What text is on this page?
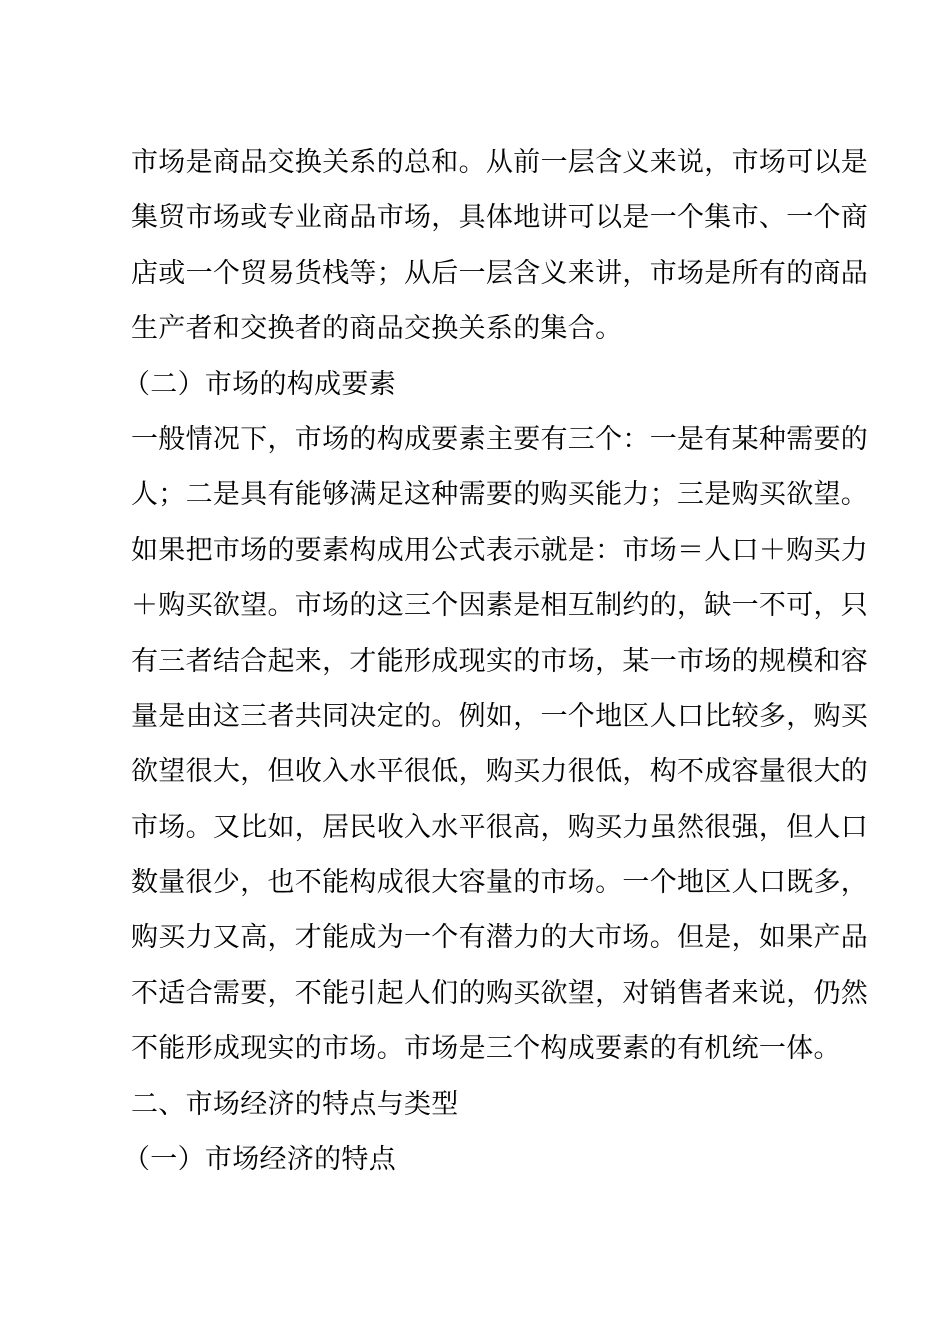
市场是商品交换关系的总和。从前一层含义来说，市场可以是
集贸市场或专业商品市场，具体地讲可以是一个集市、一个商
店或一个贸易货栈等；从后一层含义来讲，市场是所有的商品
生产者和交换者的商品交换关系的集合。
（二）市场的构成要素
一般情况下，市场的构成要素主要有三个：一是有某种需要的
人；二是具有能够满足这种需要的购买能力；三是购买欲望。
如果把市场的要素构成用公式表示就是：市场＝人口＋购买力
＋购买欲望。市场的这三个因素是相互制约的，缺一不可，只
有三者结合起来，才能形成现实的市场，某一市场的规模和容
量是由这三者共同决定的。例如，一个地区人口比较多，购买
欲望很大，但收入水平很低，购买力很低，构不成容量很大的
市场。又比如，居民收入水平很高，购买力虽然很强，但人口
数量很少，也不能构成很大容量的市场。一个地区人口既多，
购买力又高，才能成为一个有潜力的大市场。但是，如果产品
不适合需要，不能引起人们的购买欲望，对销售者来说，仍然
不能形成现实的市场。市场是三个构成要素的有机统一体。
二、市场经济的特点与类型
（一）市场经济的特点
